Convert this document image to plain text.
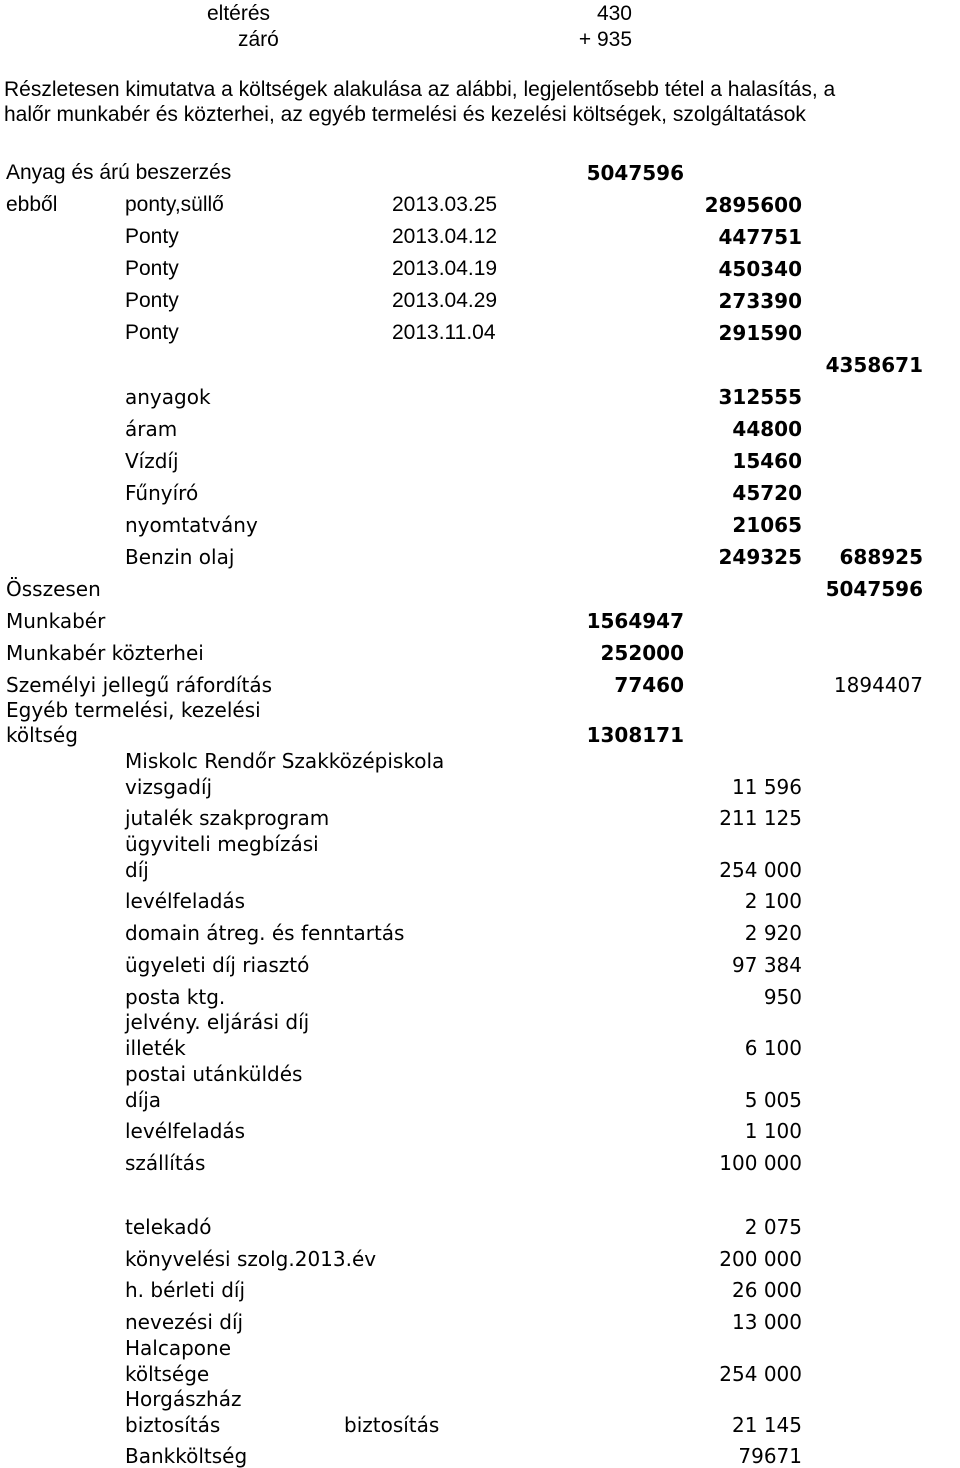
eltérés	430
záró	+ 935
Részletesen kimutatva a költségek alakulása az alábbi, legjelentősebb tétel a halasítás, a
halőr munkabér és közterhei, az egyéb termelési és kezelési költségek, szolgáltatások
Anyag és árú beszerzés	5047596
ebből	ponty,süllő	2013.03.25	2895600
Ponty	2013.04.12	447751
Ponty	2013.04.19	450340
Ponty	2013.04.29	273390
Ponty	2013.11.04	291590
4358671
anyagok	312555
áram	44800
Vízdíj	15460
Fűnyíró	45720
nyomtatvány	21065
Benzin olaj	249325	688925
Összesen	5047596
Munkabér	1564947
Munkabér közterhei	252000
Személyi jellegű ráfordítás	77460	1894407
Egyéb termelési, kezelési
költség	1308171
Miskolc Rendőr Szakközépiskola
vizsgadíj	11 596
jutalék szakprogram	211 125
ügyviteli megbízási
díj	254 000
levélfeladás	2 100
domain átreg. és fenntartás	2 920
ügyeleti díj riasztó	97 384
posta ktg.	950
jelvény. eljárási díj
illeték	6 100
postai utánküldés
díja	5 005
levélfeladás	1 100
szállítás	100 000
telekadó	2 075
könyvelési szolg.2013.év	200 000
h. bérleti díj	26 000
nevezési díj	13 000
Halcapone
költsége	254 000
Horgászház
biztosítás	biztosítás	21 145
Bankköltség	79671
